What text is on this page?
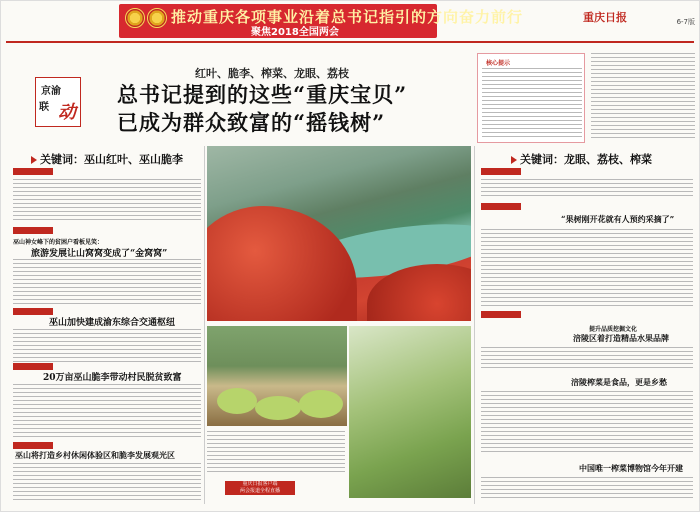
推动重庆各项事业沿着总书记指引的方向奋力前行
聚焦2018全国两会
重庆日报	6-7版
京渝
联 动
红叶、脆李、榨菜、龙眼、荔枝
总书记提到的这些“重庆宝贝”
已成为群众致富的“摇钱树”
关键词：巫山红叶、巫山脆李
巫山神女峰下的贫困户看板见笑：
旅游发展让山窝窝变成了“金窝窝”
巫山加快建成渝东综合交通枢纽
20万亩巫山脆李带动村民脱贫致富
巫山将打造乡村休闲体验区和脆李发展观光区
重庆日报客户端
两会报道全程直播
核心提示
关键词：龙眼、荔枝、榨菜
“果树刚开花就有人预约采摘了”
提升品质挖掘文化
涪陵区着打造精品水果品牌
涪陵榨菜是食品，更是乡愁
中国唯一榨菜博物馆今年开建
